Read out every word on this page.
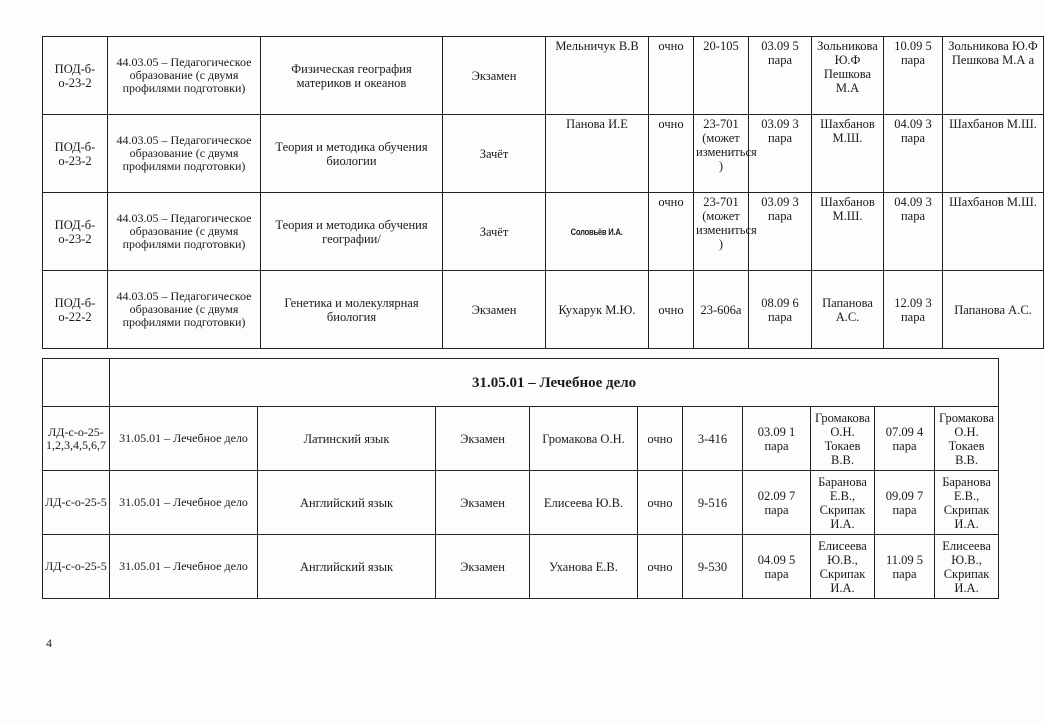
ПОД-б-о-23-2	44.03.05 – Педагогическое образование (с двумя профилями подготовки)	Физическая география материков и океанов	Экзамен	Мельничук В.В	очно	20-105	03.09 5 пара	Зольникова Ю.Ф Пешкова М.А	10.09 5 пара	Зольникова Ю.Ф Пешкова М.А а
ПОД-б-о-23-2	44.03.05 – Педагогическое образование (с двумя профилями подготовки)	Теория и методика обучения биологии	Зачёт	Панова И.Е	очно	23-701 (может измениться )	03.09 3 пара	Шахбанов М.Ш.	04.09 3 пара	Шахбанов М.Ш.
ПОД-б-о-23-2	44.03.05 – Педагогическое образование (с двумя профилями подготовки)	Теория и методика обучения географии/	Зачёт	Соловьёв И.А.	очно	23-701 (может измениться )	03.09 3 пара	Шахбанов М.Ш.	04.09 3 пара	Шахбанов М.Ш.
ПОД-б-о-22-2	44.03.05 – Педагогическое образование (с двумя профилями подготовки)	Генетика и молекулярная биология	Экзамен	Кухарук М.Ю.	очно	23-606а	08.09 6 пара	Папанова А.С.	12.09 3 пара	Папанова А.С.
	31.05.01 – Лечебное дело									
ЛД-с-о-25-1,2,3,4,5,6,7	31.05.01 – Лечебное дело	Латинский язык	Экзамен	Громакова О.Н.	очно	3-416	03.09 1 пара	Громакова О.Н. Токаев В.В.	07.09 4 пара	Громакова О.Н. Токаев В.В.
ЛД-с-о-25-5	31.05.01 – Лечебное дело	Английский язык	Экзамен	Елисеева Ю.В.	очно	9-516	02.09 7 пара	Баранова Е.В., Скрипак И.А.	09.09 7 пара	Баранова Е.В., Скрипак И.А.
ЛД-с-о-25-5	31.05.01 – Лечебное дело	Английский язык	Экзамен	Уханова Е.В.	очно	9-530	04.09 5 пара	Елисеева Ю.В., Скрипак И.А.	11.09 5 пара	Елисеева Ю.В., Скрипак И.А.
4
